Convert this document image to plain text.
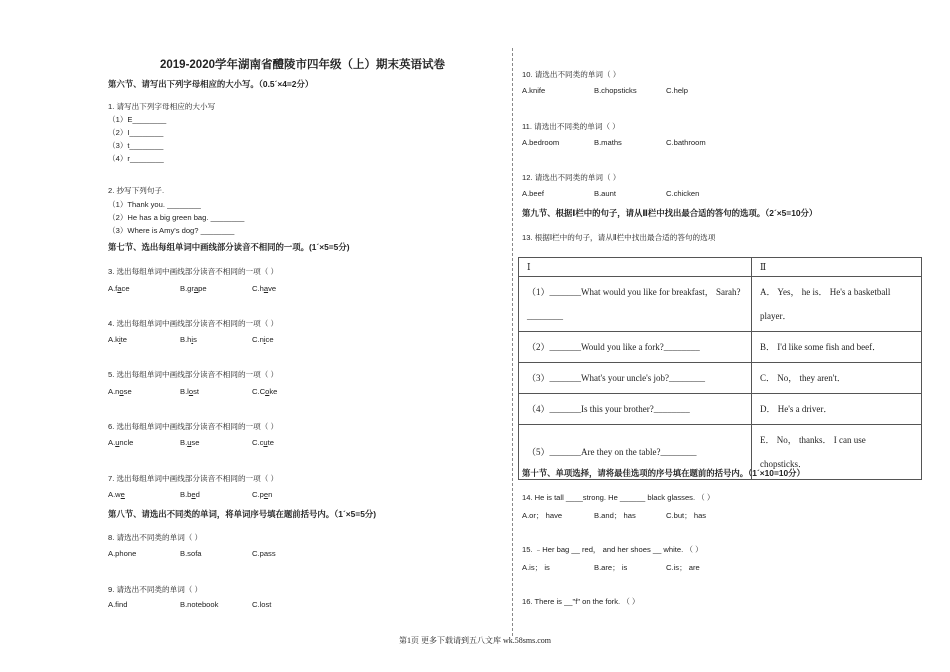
2019-2020学年湖南省醴陵市四年级（上）期末英语试卷
第六节、请写出下列字母相应的大小写。（0.5´×4=2分）
1. 请写出下列字母相应的大小写
（1）E________
（2）I________
（3）t________
（4）r________
2. 抄写下列句子.
（1）Thank you. ________
（2）He has a big green bag. ________
（3）Where is Amy's dog? ________
第七节、选出每组单词中画线部分读音不相同的一项。(1´×5=5分)
3. 选出每组单词中画线部分读音不相同的一项（ ）
A.face	B.grape	C.have
4. 选出每组单词中画线部分读音不相同的一项（ ）
A.kite	B.his	C.nice
5. 选出每组单词中画线部分读音不相同的一项（ ）
A.nose	B.lost	C.Coke
6. 选出每组单词中画线部分读音不相同的一项（ ）
A.uncle	B.use	C.cute
7. 选出每组单词中画线部分读音不相同的一项（ ）
A.we	B.bed	C.pen
第八节、请选出不同类的单词，将单词序号填在题前括号内。（1´×5=5分)
8. 请选出不同类的单词（ ）
A.phone	B.sofa	C.pass
9. 请选出不同类的单词（ ）
A.find	B.notebook	C.lost
10. 请选出不同类的单词（ ）
A.knife	B.chopsticks	C.help
11. 请选出不同类的单词（ ）
A.bedroom	B.maths	C.bathroom
12. 请选出不同类的单词（ ）
A.beef	B.aunt	C.chicken
第九节、根据Ⅰ栏中的句子，请从Ⅱ栏中找出最合适的答句的选项。（2´×5=10分）
13. 根据Ⅰ栏中的句子，请从Ⅱ栏中找出最合适的答句的选项
第十节、单项选择，请将最佳选项的序号填在题前的括号内。（1´×10=10分）
14. He is tall ____strong. He ______ black glasses. （ ）
A.or； have	B.and； has	C.but； has
15. ﹣Her bag __ red， and her shoes __ white. （ ）
A.is； is	B.are； is	C.is； are
16. There is __"f" on the fork. （ ）
Ⅰ	Ⅱ
（1）_______What would you like for breakfast， Sarah?________	A． Yes， he is． He's a basketball player．
（2）_______Would you like a fork?________	B． I'd like some fish and beef．
（3）_______What's your uncle's job?________	C． No， they aren't．
（4）_______Is this your brother?________	D． He's a driver．
（5）_______Are they on the table?________	E． No， thanks． I can use chopsticks．
第1页 更多下载请到五八文库 wk.58sms.com
